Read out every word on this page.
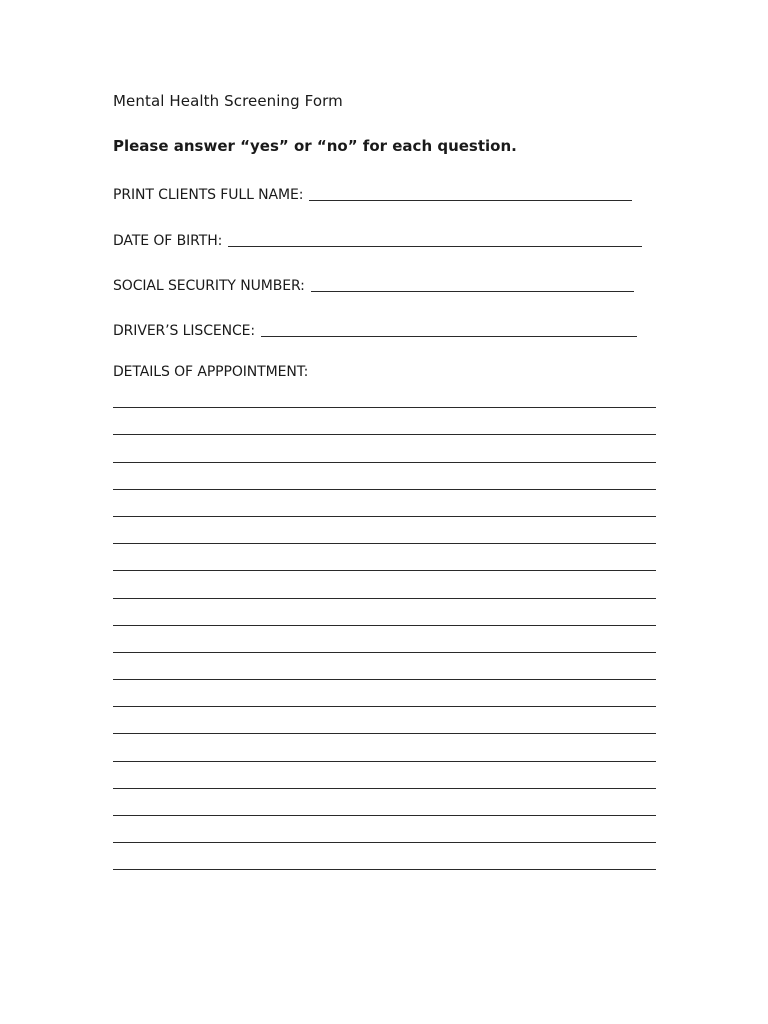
Mental Health Screening Form
Please answer “yes” or “no” for each question.
PRINT CLIENTS FULL NAME:
DATE OF BIRTH:
SOCIAL SECURITY NUMBER:
DRIVER’S LISCENCE:
DETAILS OF APPPOINTMENT:
